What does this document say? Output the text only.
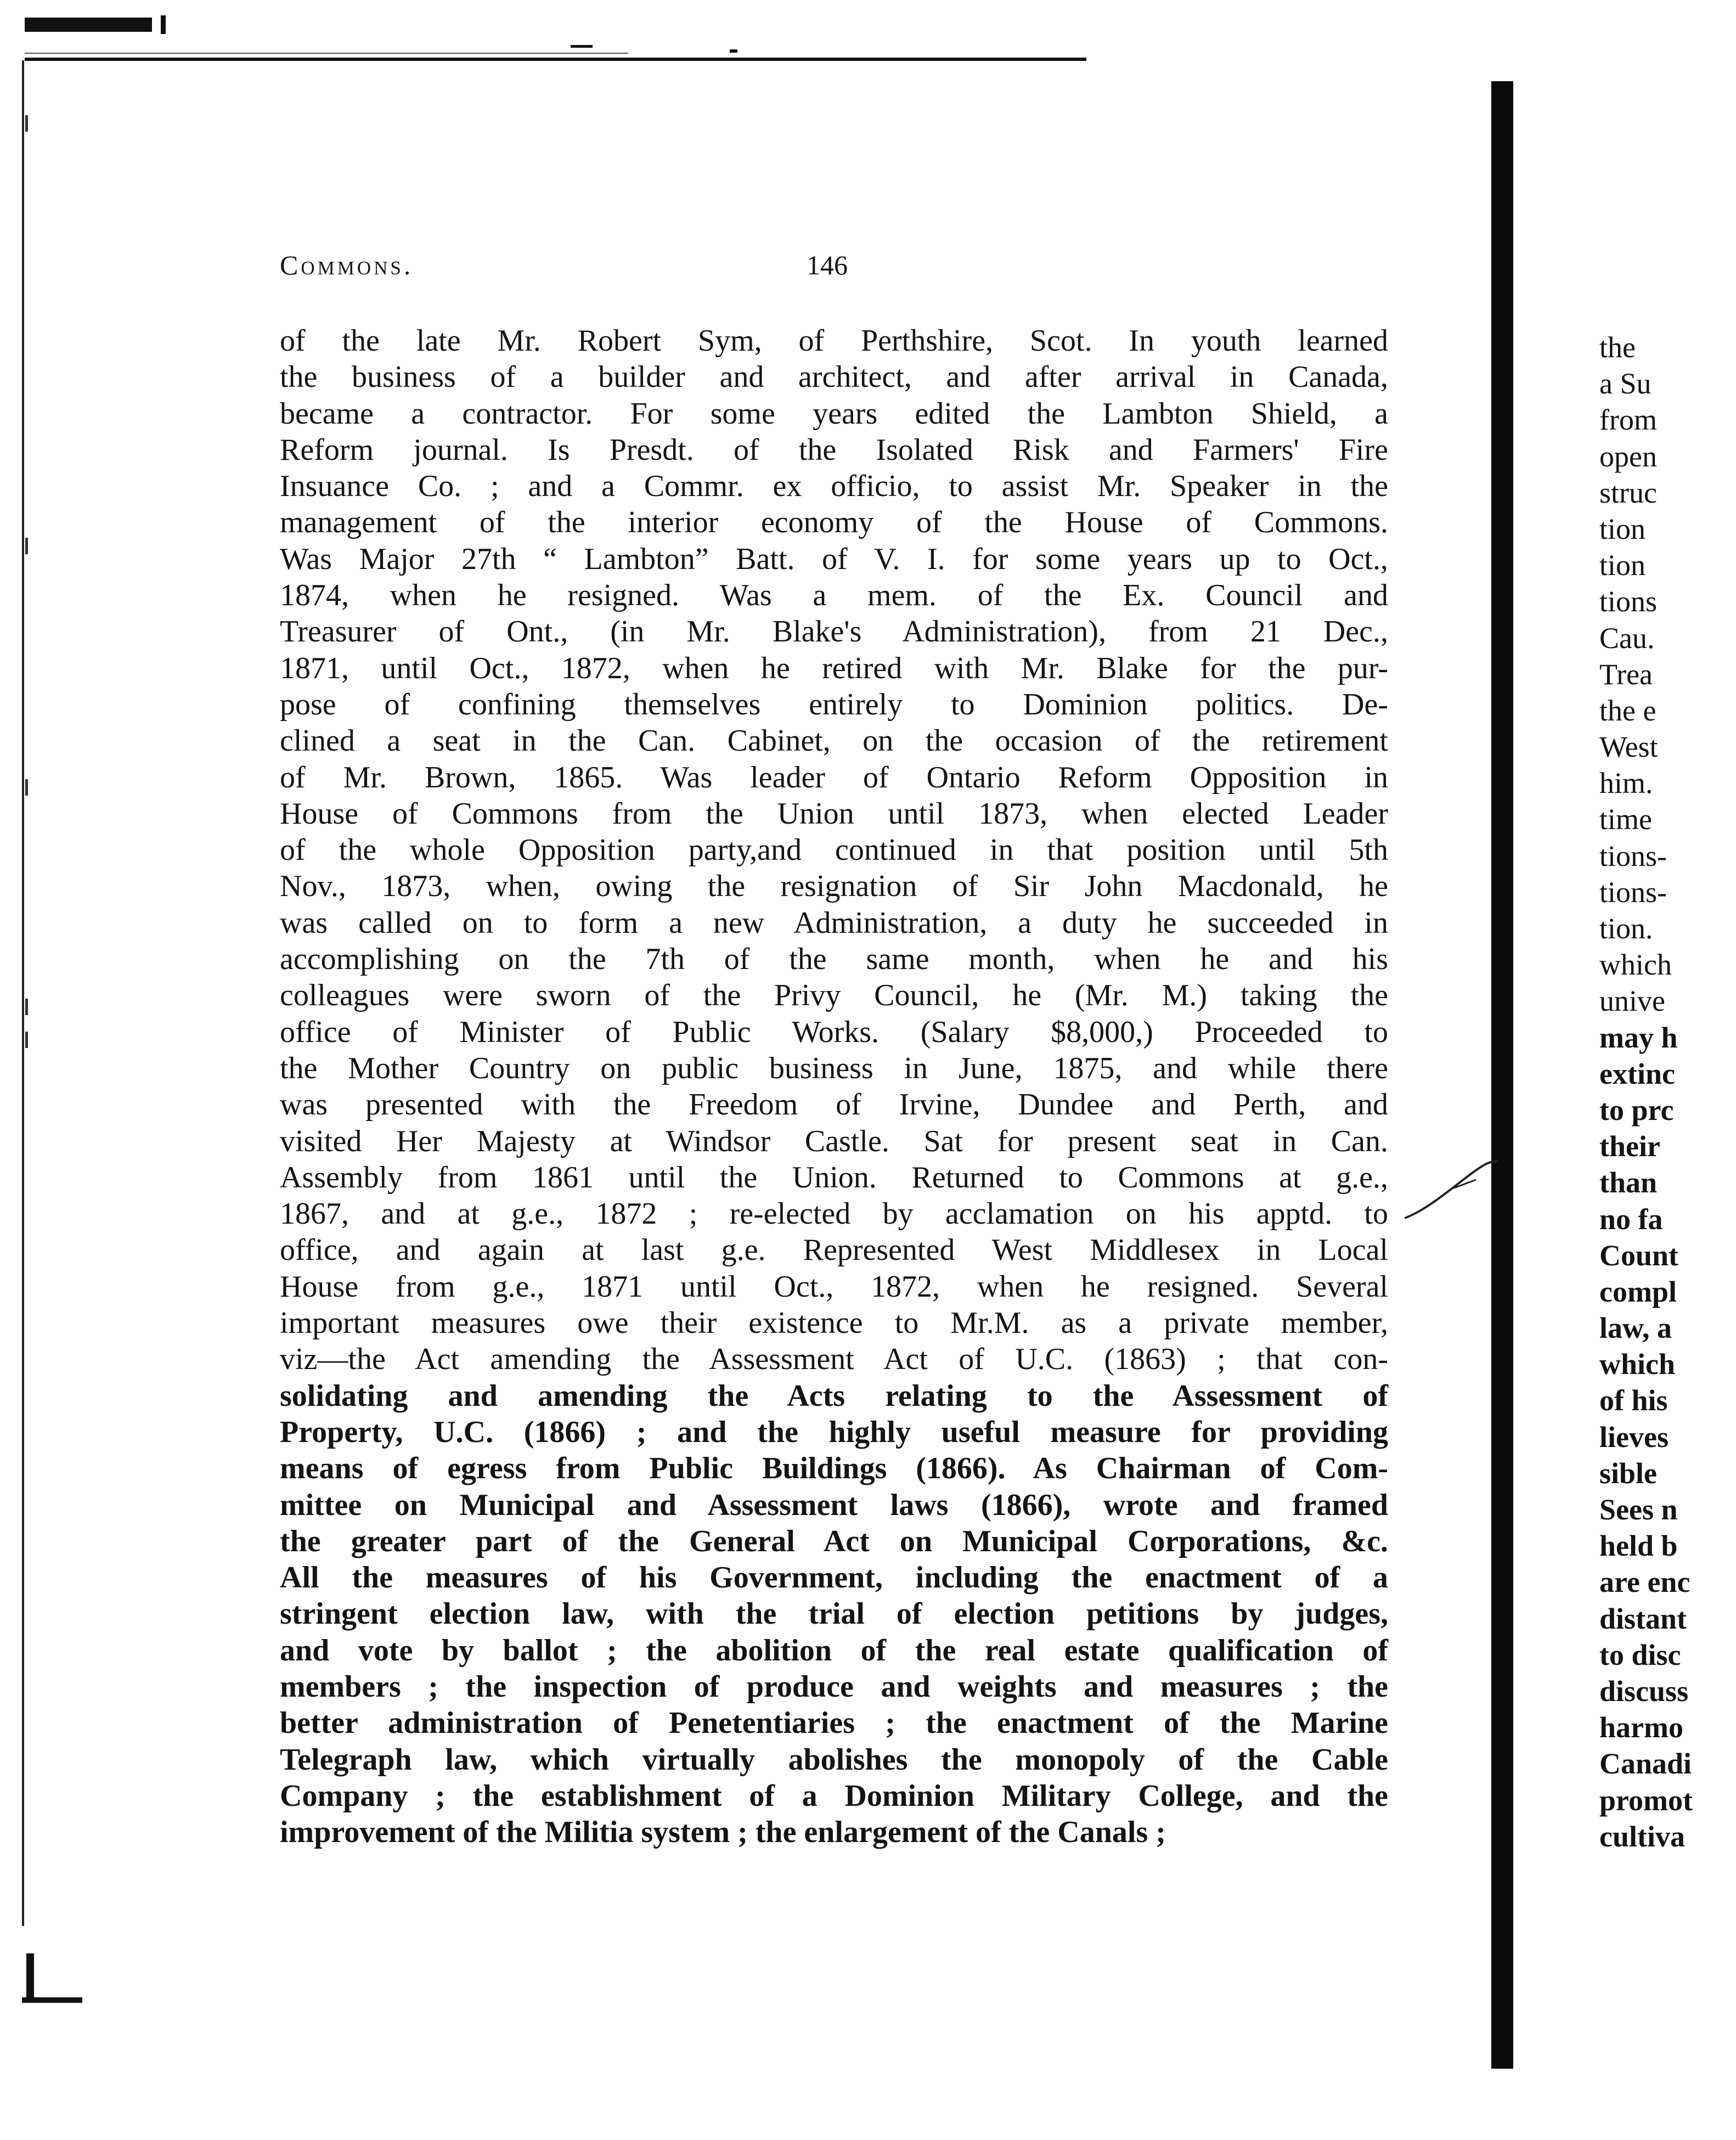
Commons.	146
of the late Mr. Robert Sym, of Perthshire, Scot. In youth learned
the business of a builder and architect, and after arrival in Canada,
became a contractor. For some years edited the Lambton Shield, a
Reform journal. Is Presdt. of the Isolated Risk and Farmers' Fire
Insuance Co. ; and a Commr. ex officio, to assist Mr. Speaker in the
management of the interior economy of the House of Commons.
Was Major 27th “ Lambton” Batt. of V. I. for some years up to Oct.,
1874, when he resigned. Was a mem. of the Ex. Council and
Treasurer of Ont., (in Mr. Blake's Administration), from 21 Dec.,
1871, until Oct., 1872, when he retired with Mr. Blake for the pur-
pose of confining themselves entirely to Dominion politics. De-
clined a seat in the Can. Cabinet, on the occasion of the retirement
of Mr. Brown, 1865. Was leader of Ontario Reform Opposition in
House of Commons from the Union until 1873, when elected Leader
of the whole Opposition party,and continued in that position until 5th
Nov., 1873, when, owing the resignation of Sir John Macdonald, he
was called on to form a new Administration, a duty he succeeded in
accomplishing on the 7th of the same month, when he and his
colleagues were sworn of the Privy Council, he (Mr. M.) taking the
office of Minister of Public Works. (Salary $8,000,) Proceeded to
the Mother Country on public business in June, 1875, and while there
was presented with the Freedom of Irvine, Dundee and Perth, and
visited Her Majesty at Windsor Castle. Sat for present seat in Can.
Assembly from 1861 until the Union. Returned to Commons at g.e.,
1867, and at g.e., 1872 ; re-elected by acclamation on his apptd. to
office, and again at last g.e. Represented West Middlesex in Local
House from g.e., 1871 until Oct., 1872, when he resigned. Several
important measures owe their existence to Mr.M. as a private member,
viz—the Act amending the Assessment Act of U.C. (1863) ; that con-
solidating and amending the Acts relating to the Assessment of
Property, U.C. (1866) ; and the highly useful measure for providing
means of egress from Public Buildings (1866). As Chairman of Com-
mittee on Municipal and Assessment laws (1866), wrote and framed
the greater part of the General Act on Municipal Corporations, &c.
All the measures of his Government, including the enactment of a
stringent election law, with the trial of election petitions by judges,
and vote by ballot ; the abolition of the real estate qualification of
members ; the inspection of produce and weights and measures ; the
better administration of Penetentiaries ; the enactment of the Marine
Telegraph law, which virtually abolishes the monopoly of the Cable
Company ; the establishment of a Dominion Military College, and the
improvement of the Militia system ; the enlargement of the Canals ;
the
a Su
from
open
struc
tion
tion
tions
Cau.
Trea
the e
West
him.
time
tions-
tions-
tion.
which
unive
may h
extinc
to prc
their
than
no fa
Count
compl
law, a
which
of his
lieves
sible
Sees n
held b
are enc
distant
to disc
discuss
harmo
Canadi
promot
cultiva
